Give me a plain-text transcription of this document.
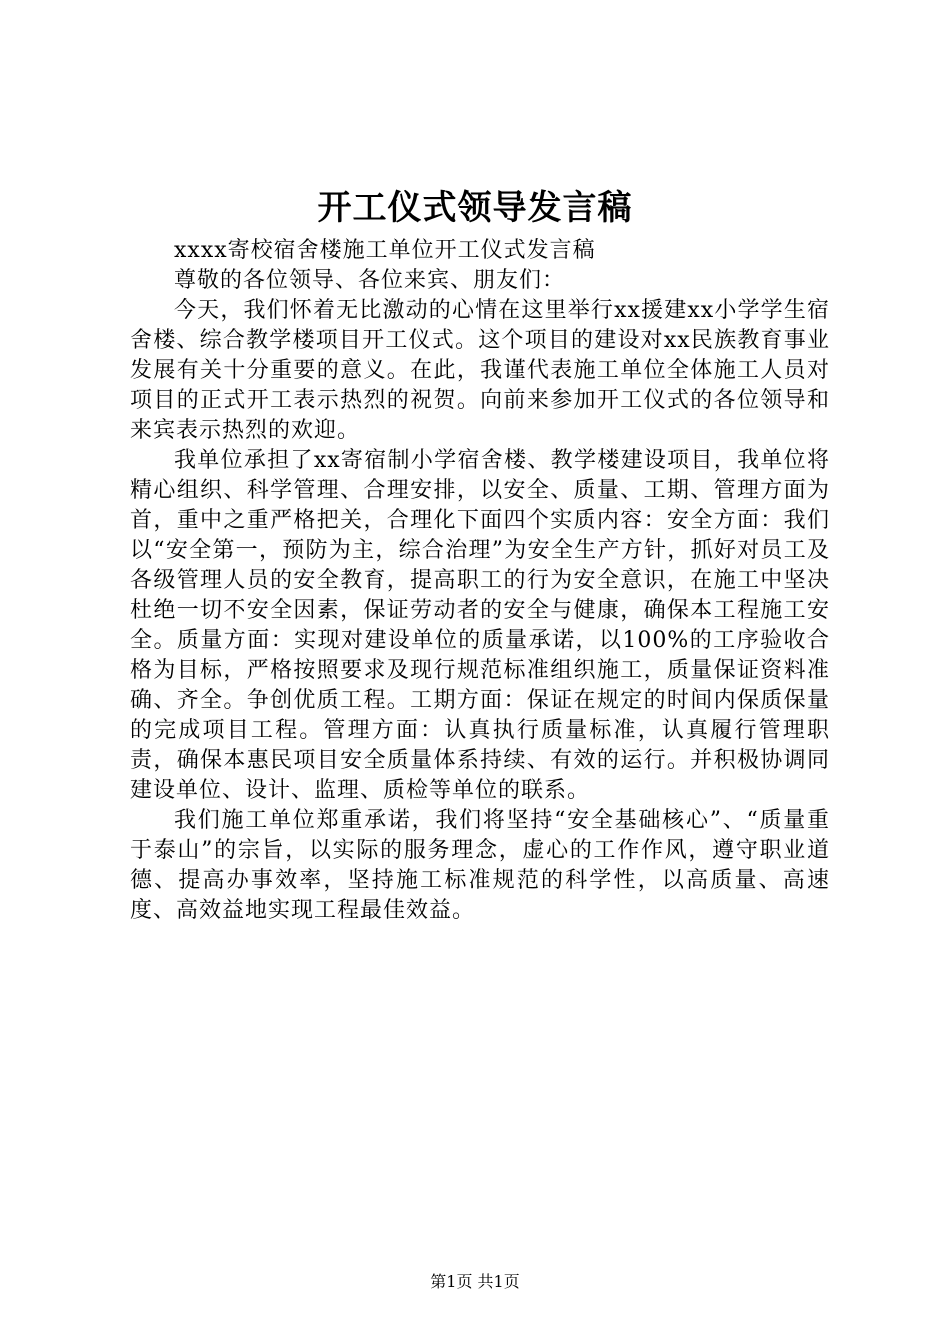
开工仪式领导发言稿

xxxx寄校宿舍楼施工单位开工仪式发言稿

尊敬的各位领导、各位来宾、朋友们：

今天，我们怀着无比激动的心情在这里举行xx援建xx小学学生宿舍楼、综合教学楼项目开工仪式。这个项目的建设对xx民族教育事业发展有关十分重要的意义。在此，我谨代表施工单位全体施工人员对项目的正式开工表示热烈的祝贺。向前来参加开工仪式的各位领导和来宾表示热烈的欢迎。

我单位承担了xx寄宿制小学宿舍楼、教学楼建设项目，我单位将精心组织、科学管理、合理安排，以安全、质量、工期、管理方面为首，重中之重严格把关，合理化下面四个实质内容：安全方面：我们以“安全第一，预防为主，综合治理”为安全生产方针，抓好对员工及各级管理人员的安全教育，提高职工的行为安全意识，在施工中坚决杜绝一切不安全因素，保证劳动者的安全与健康，确保本工程施工安全。质量方面：实现对建设单位的质量承诺，以100%的工序验收合格为目标，严格按照要求及现行规范标准组织施工，质量保证资料准确、齐全。争创优质工程。工期方面：保证在规定的时间内保质保量的完成项目工程。管理方面：认真执行质量标准，认真履行管理职责，确保本惠民项目安全质量体系持续、有效的运行。并积极协调同建设单位、设计、监理、质检等单位的联系。

我们施工单位郑重承诺，我们将坚持“安全基础核心”、“质量重于泰山”的宗旨，以实际的服务理念，虚心的工作作风，遵守职业道德、提高办事效率，坚持施工标准规范的科学性，以高质量、高速度、高效益地实现工程最佳效益。

第1页 共1页
